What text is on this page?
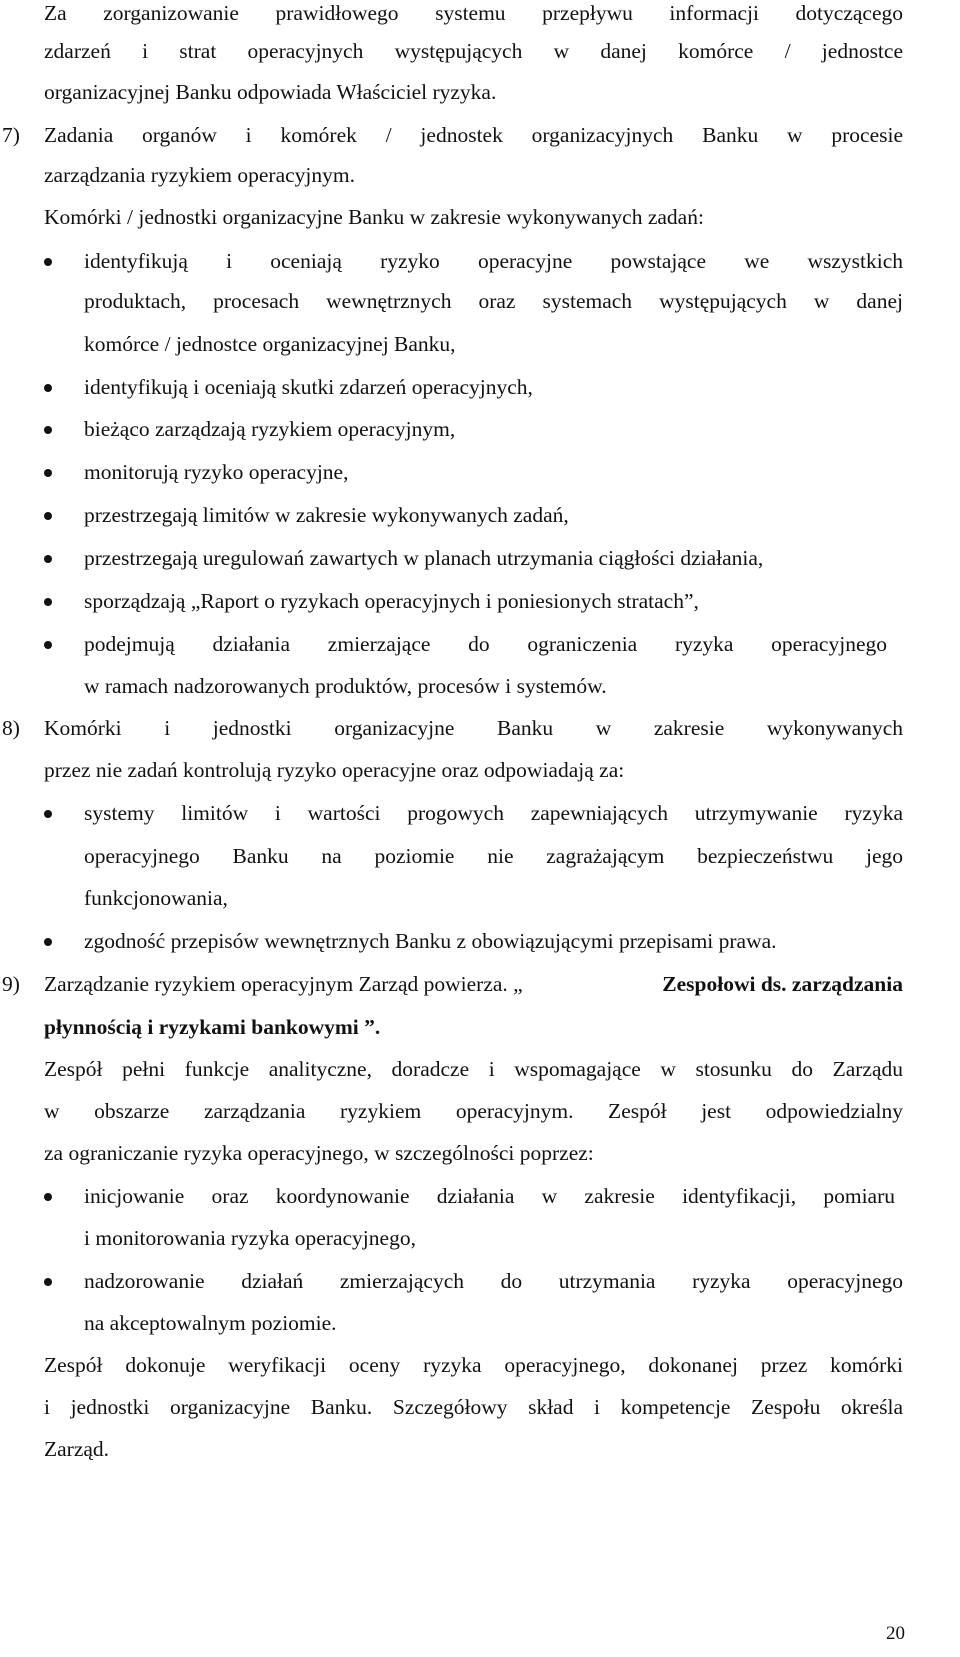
Za zorganizowanie prawidłowego systemu przepływu informacji dotyczącego
zdarzeń i strat operacyjnych występujących w danej komórce / jednostce
organizacyjnej Banku odpowiada Właściciel ryzyka.
7) Zadania organów i komórek / jednostek organizacyjnych Banku w procesie
zarządzania ryzykiem operacyjnym.
Komórki / jednostki organizacyjne Banku w zakresie wykonywanych zadań:
identyfikują i oceniają ryzyko operacyjne powstające we wszystkich
produktach, procesach wewnętrznych oraz systemach występujących w danej
komórce / jednostce organizacyjnej Banku,
identyfikują i oceniają skutki zdarzeń operacyjnych,
bieżąco zarządzają ryzykiem operacyjnym,
monitorują ryzyko operacyjne,
przestrzegają limitów w zakresie wykonywanych zadań,
przestrzegają uregulowań zawartych w planach utrzymania ciągłości działania,
sporządzają „Raport o ryzykach operacyjnych i poniesionych stratach”,
podejmują działania zmierzające do ograniczenia ryzyka operacyjnego
w ramach nadzorowanych produktów, procesów i systemów.
8) Komórki i jednostki organizacyjne Banku w zakresie wykonywanych
przez nie zadań kontrolują ryzyko operacyjne oraz odpowiadają za:
systemy limitów i wartości progowych zapewniających utrzymywanie ryzyka
operacyjnego Banku na poziomie nie zagrażającym bezpieczeństwu jego
funkcjonowania,
zgodność przepisów wewnętrznych Banku z obowiązującymi przepisami prawa.
9) Zarządzanie ryzykiem operacyjnym Zarząd powierza. „	Zespołowi ds. zarządzania
płynnością i ryzykami bankowymi ”.
Zespół pełni funkcje analityczne, doradcze i wspomagające w stosunku do Zarządu
w obszarze zarządzania ryzykiem operacyjnym. Zespół jest odpowiedzialny
za ograniczanie ryzyka operacyjnego, w szczególności poprzez:
inicjowanie oraz koordynowanie działania w zakresie identyfikacji, pomiaru
i monitorowania ryzyka operacyjnego,
nadzorowanie działań zmierzających do utrzymania ryzyka operacyjnego
na akceptowalnym poziomie.
Zespół dokonuje weryfikacji oceny ryzyka operacyjnego, dokonanej przez komórki
i jednostki organizacyjne Banku. Szczegółowy skład i kompetencje Zespołu określa
Zarząd.
20
